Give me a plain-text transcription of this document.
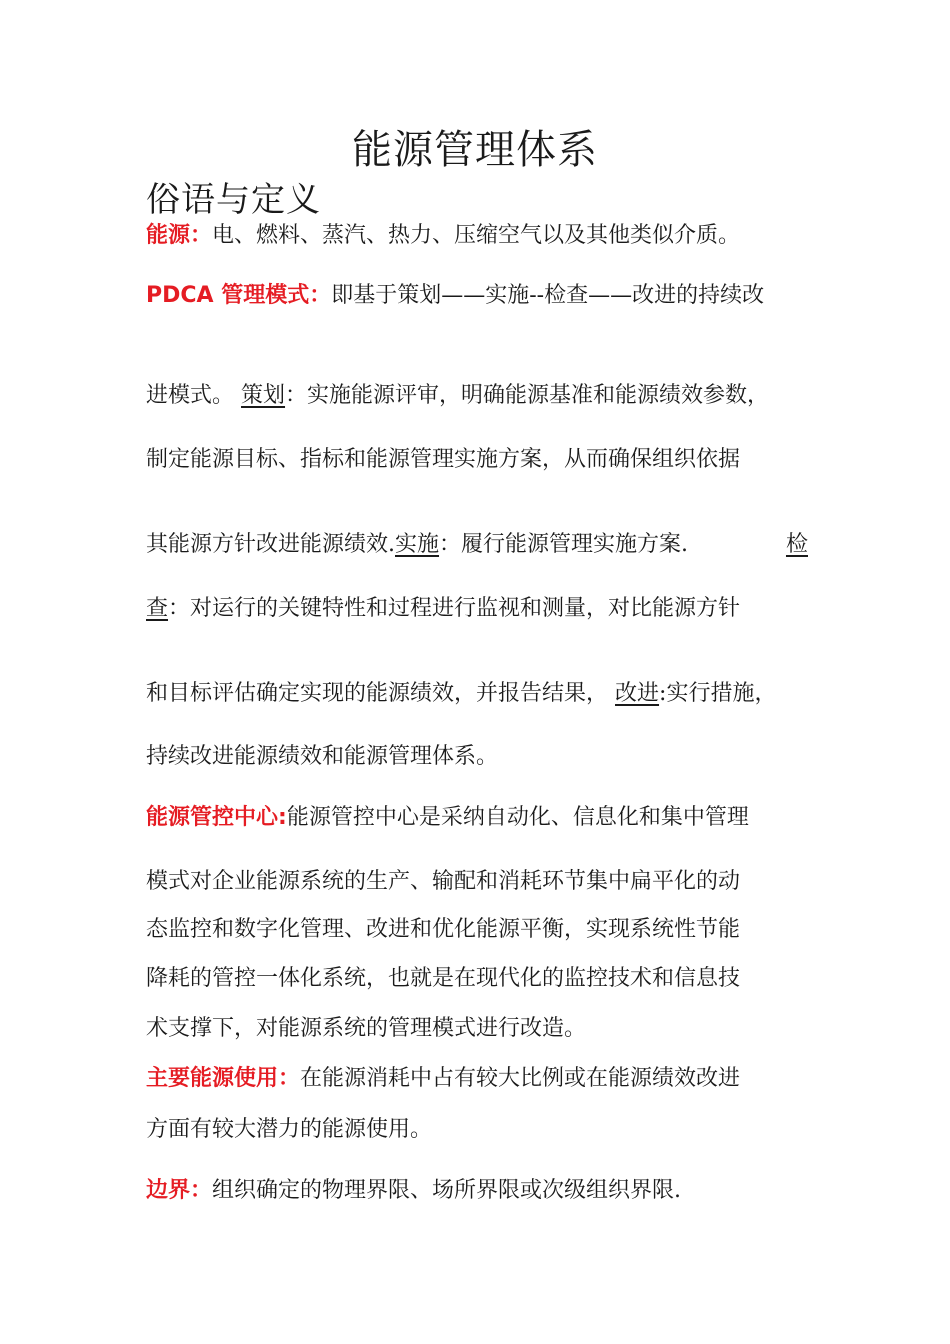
能源管理体系
俗语与定义
能源：电、燃料、蒸汽、热力、压缩空气以及其他类似介质。
PDCA 管理模式：即基于策划——实施--检查——改进的持续改
进模式。 策划：实施能源评审，明确能源基准和能源绩效参数，
制定能源目标、指标和能源管理实施方案，从而确保组织依据
其能源方针改进能源绩效.实施：履行能源管理实施方案.	检
查：对运行的关键特性和过程进行监视和测量，对比能源方针
和目标评估确定实现的能源绩效，并报告结果， 改进:实行措施，
持续改进能源绩效和能源管理体系。
能源管控中心:能源管控中心是采纳自动化、信息化和集中管理
模式对企业能源系统的生产、输配和消耗环节集中扁平化的动
态监控和数字化管理、改进和优化能源平衡，实现系统性节能
降耗的管控一体化系统，也就是在现代化的监控技术和信息技
术支撑下，对能源系统的管理模式进行改造。
主要能源使用：在能源消耗中占有较大比例或在能源绩效改进
方面有较大潜力的能源使用。
边界：组织确定的物理界限、场所界限或次级组织界限.
